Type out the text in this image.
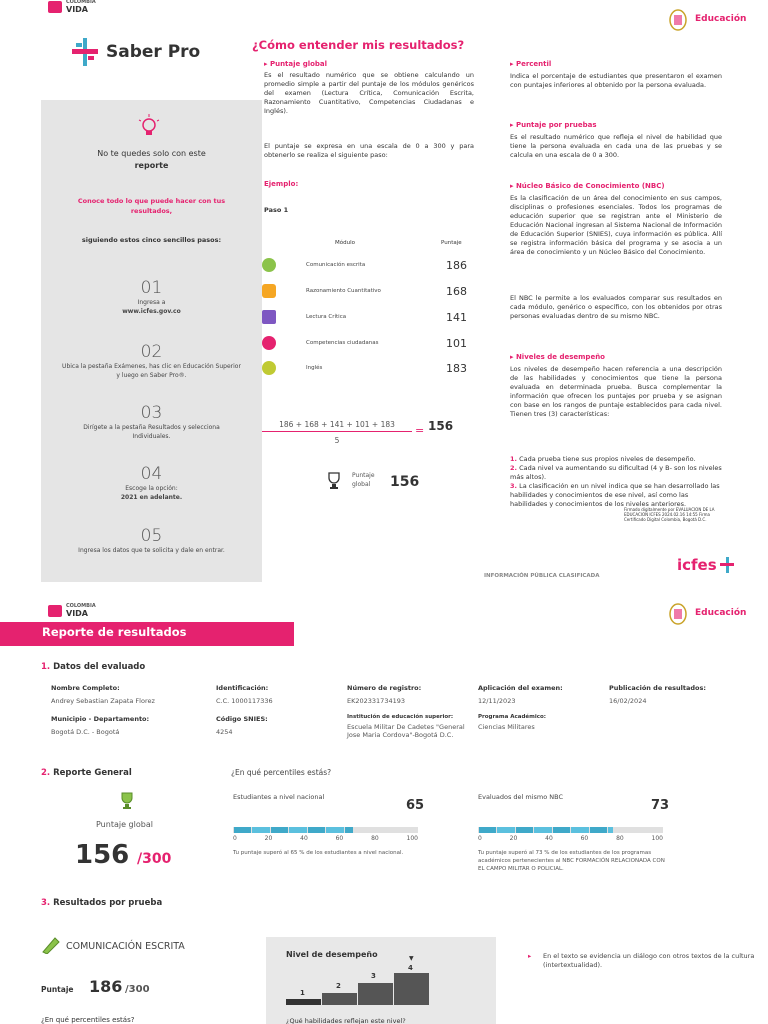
COLOMBIA
VIDA
Educación
Saber Pro
No te quedes solo con este
reporte
Conoce todo lo que puede hacer con tus resultados,
siguiendo estos cinco sencillos pasos:
01
Ingresa a
www.icfes.gov.co
02
Ubica la pestaña Exámenes, has clic en Educación Superior y luego en Saber Pro®.
03
Dirígete a la pestaña Resultados y selecciona Individuales.
04
Escoge la opción:
2021 en adelante.
05
Ingresa los datos que te solicita y dale en entrar.
¿Cómo entender mis resultados?
▸ Puntaje global
Es el resultado numérico que se obtiene calculando un promedio simple a partir del puntaje de los módulos genéricos del examen (Lectura Crítica, Comunicación Escrita, Razonamiento Cuantitativo, Competencias Ciudadanas e Inglés).
El puntaje se expresa en una escala de 0 a 300 y para obtenerlo se realiza el siguiente paso:
Ejemplo:
Paso 1
Módulo	Puntaje
Comunicación escrita	186
Razonamiento Cuantitativo	168
Lectura Crítica	141
Competencias ciudadanas	101
Inglés	183
$\frac{186 + 168 + 141 + 101 + 183}{5} = 156$
Puntaje global	156
▸ Percentil
Indica el porcentaje de estudiantes que presentaron el examen con puntajes inferiores al obtenido por la persona evaluada.
▸ Puntaje por pruebas
Es el resultado numérico que refleja el nivel de habilidad que tiene la persona evaluada en cada una de las pruebas y se calcula en una escala de 0 a 300.
▸ Núcleo Básico de Conocimiento (NBC)
Es la clasificación de un área del conocimiento en sus campos, disciplinas o profesiones esenciales. Todos los programas de educación superior que se registran ante el Ministerio de Educación Nacional ingresan al Sistema Nacional de Información de Educación Superior (SNIES), cuya información es pública. Allí se registra información básica del programa y se asocia a un área de conocimiento y un Núcleo Básico del Conocimiento.
El NBC le permite a los evaluados comparar sus resultados en cada módulo, genérico o específico, con los obtenidos por otras personas evaluadas dentro de su mismo NBC.
▸ Niveles de desempeño
Los niveles de desempeño hacen referencia a una descripción de las habilidades y conocimientos que tiene la persona evaluada en determinada prueba. Busca complementar la información que ofrecen los puntajes por prueba y se asignan con base en los rangos de puntaje establecidos para cada nivel. Tienen tres (3) características:
1. Cada prueba tiene sus propios niveles de desempeño.
2. Cada nivel va aumentando su dificultad (4 y B- son los niveles más altos).
3. La clasificación en un nivel indica que se han desarrollado las habilidades y conocimientos de ese nivel, así como las habilidades y conocimientos de los niveles anteriores.
Firmado digitalmente por EVALUACION DE LA EDUCACION ICFES 2024.02.16 14:55 Firma Certificado Digital Colombia, Bogotá D.C.
INFORMACIÓN PÚBLICA CLASIFICADA
icfes
COLOMBIA
VIDA	Educación
Reporte de resultados
1. Datos del evaluado
Nombre Completo:
Andrey Sebastian Zapata Florez
Identificación:
C.C. 1000117336
Número de registro:
EK202331734193
Aplicación del examen:
12/11/2023
Publicación de resultados:
16/02/2024
Municipio - Departamento:
Bogotá D.C. - Bogotá
Código SNIES:
4254
Institución de educación superior:
Escuela Militar De Cadetes "General Jose Maria Cordova"-Bogotá D.C.
Programa Académico:
Ciencias Militares
2. Reporte General
Puntaje global
156 /300
¿En qué percentiles estás?
Estudiantes a nivel nacional
65
0	20	40	60	80	100
Tu puntaje superó al 65 % de los estudiantes a nivel nacional.
Evaluados del mismo NBC
73
0	20	40	60	80	100
Tu puntaje superó al 73 % de los estudiantes de los programas académicos pertenecientes al NBC FORMACIÓN RELACIONADA CON EL CAMPO MILITAR O POLICIAL.
3. Resultados por prueba
COMUNICACIÓN ESCRITA
Puntaje 186 /300
¿En qué percentiles estás?
Nivel de desempeño
1
2
3
4
▼
¿Qué habilidades reflejan este nivel?
▸	En el texto se evidencia un diálogo con otros textos de la cultura (intertextualidad).
